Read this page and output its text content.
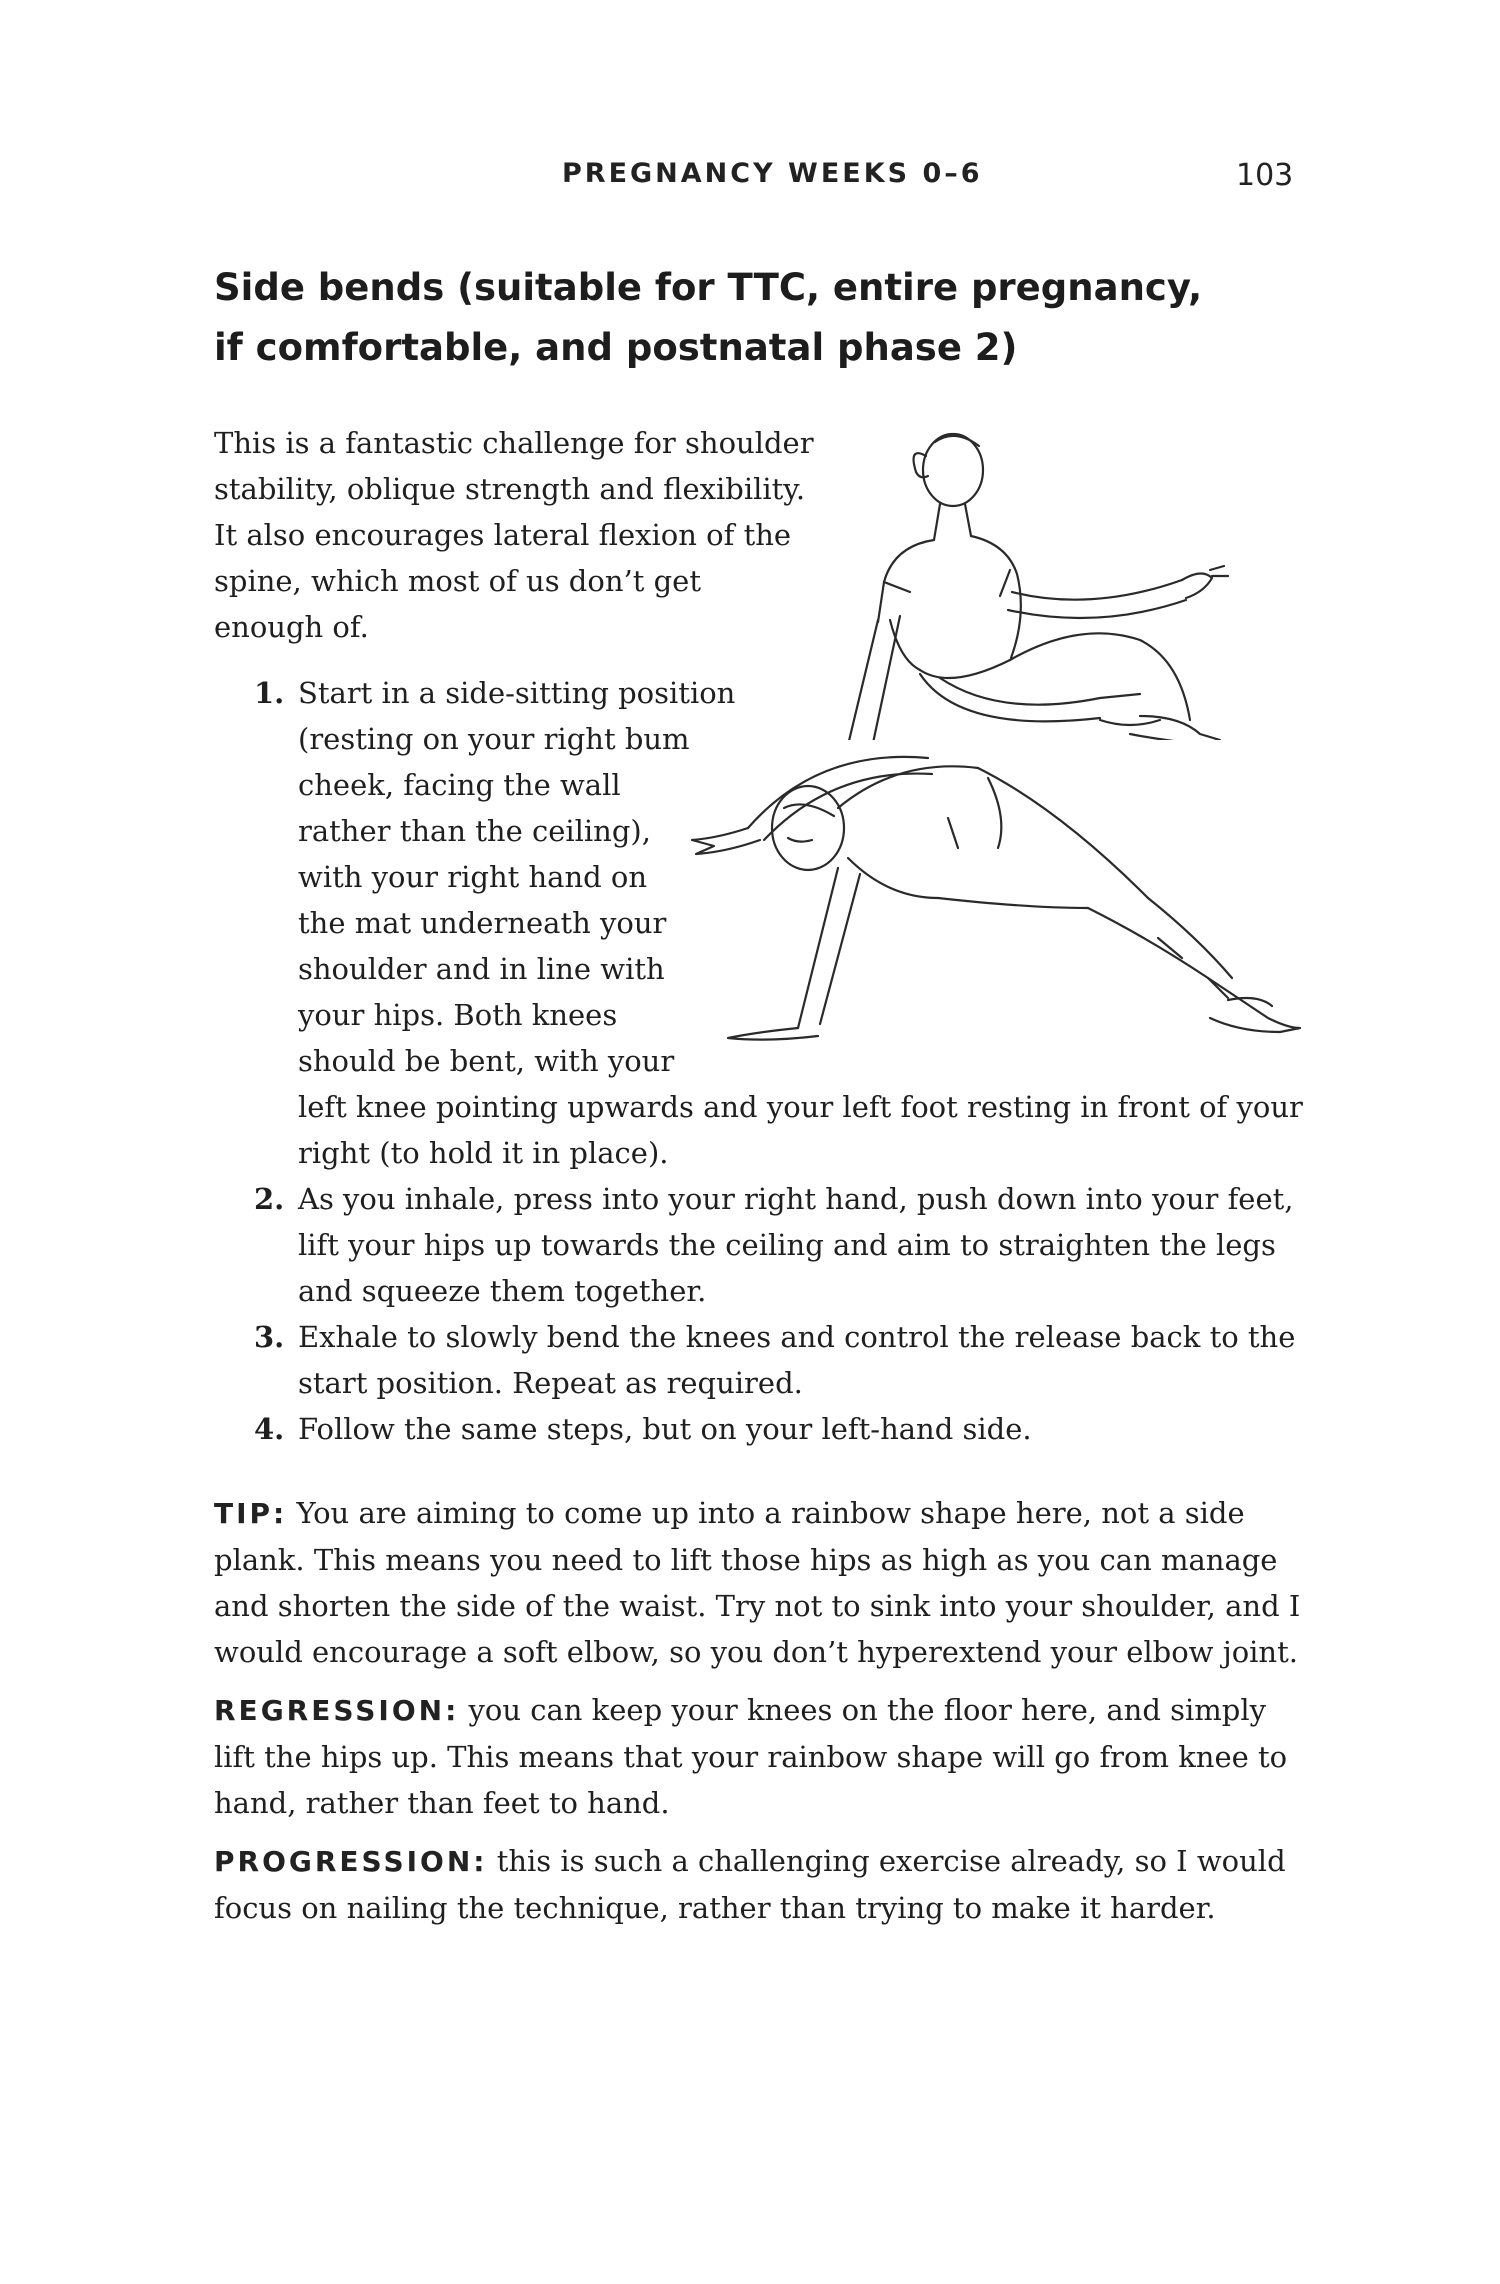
PREGNANCY WEEKS 0–6	103
Side bends (suitable for TTC, entire pregnancy,
if comfortable, and postnatal phase 2)
This is a fantastic challenge for shoulder
stability, oblique strength and flexibility.
It also encourages lateral flexion of the
spine, which most of us don’t get
enough of.
1. Start in a side-sitting position
(resting on your right bum
cheek, facing the wall
rather than the ceiling),
with your right hand on
the mat underneath your
shoulder and in line with
your hips. Both knees
should be bent, with your
left knee pointing upwards and your left foot resting in front of your
right (to hold it in place).
2. As you inhale, press into your right hand, push down into your feet,
lift your hips up towards the ceiling and aim to straighten the legs
and squeeze them together.
3. Exhale to slowly bend the knees and control the release back to the
start position. Repeat as required.
4. Follow the same steps, but on your left-hand side.
TIP: You are aiming to come up into a rainbow shape here, not a side
plank. This means you need to lift those hips as high as you can manage
and shorten the side of the waist. Try not to sink into your shoulder, and I
would encourage a soft elbow, so you don’t hyperextend your elbow joint.
REGRESSION: you can keep your knees on the floor here, and simply
lift the hips up. This means that your rainbow shape will go from knee to
hand, rather than feet to hand.
PROGRESSION: this is such a challenging exercise already, so I would
focus on nailing the technique, rather than trying to make it harder.
